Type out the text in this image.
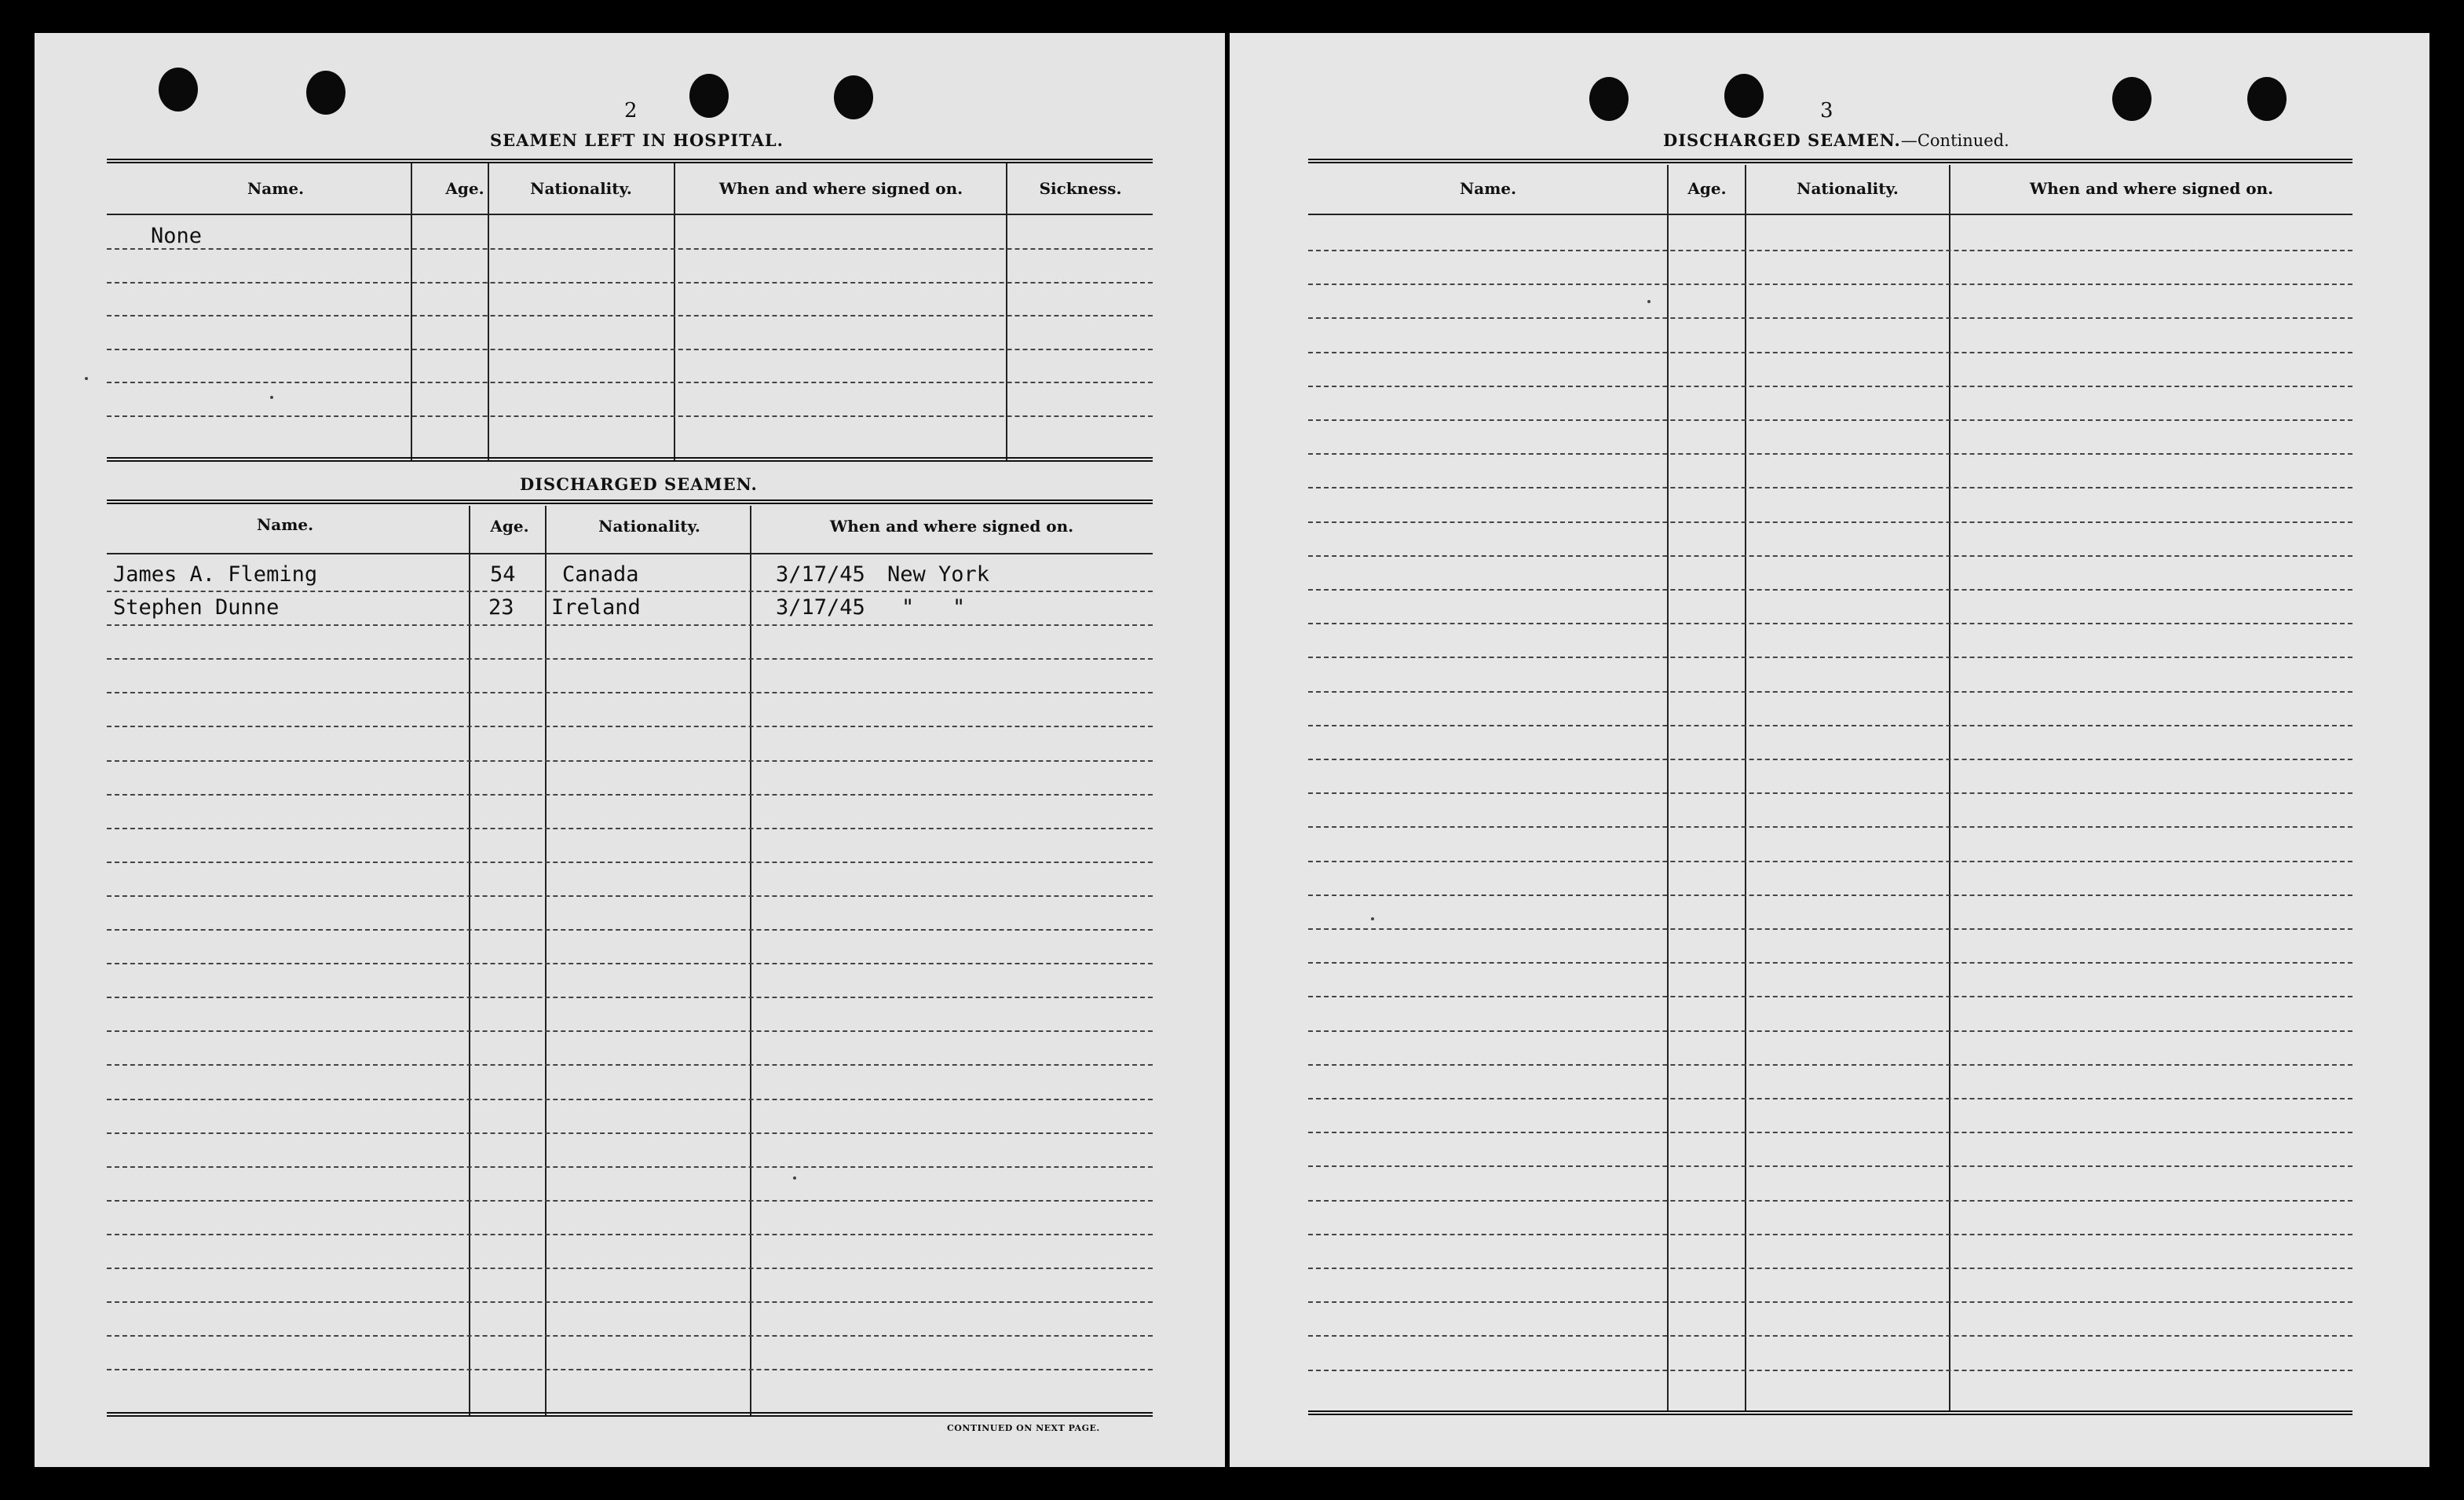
2
SEAMEN LEFT IN HOSPITAL.
Name.	Age.	Nationality.	When and where signed on.	Sickness.
None
DISCHARGED SEAMEN.
Name.	Age.	Nationality.	When and where signed on.
James A. Fleming	54 Canada	3/17/45 New York
Stephen Dunne	23 Ireland	3/17/45 "   "
CONTINUED ON NEXT PAGE.
3
DISCHARGED SEAMEN.—Continued.
Name.	Age.	Nationality.	When and where signed on.
